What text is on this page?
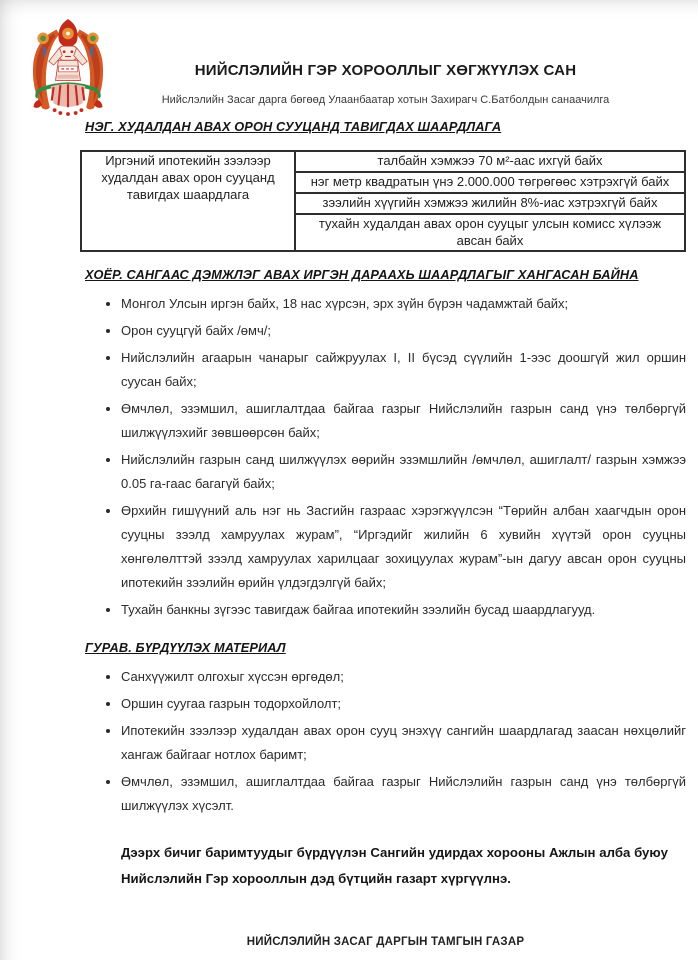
НИЙСЛЭЛИЙН ГЭР ХОРООЛЛЫГ ХӨГЖҮҮЛЭХ САН

Нийслэлийн Засаг дарга бөгөөд Улаанбаатар хотын Захирагч С.Батболдын санаачилга

НЭГ. ХУДАЛДАН АВАХ ОРОН СУУЦАНД ТАВИГДАХ ШААРДЛАГА
Иргэний ипотекийн зээлээр худалдан авах орон сууцанд тавигдах шаардлага	талбайн хэмжээ 70 м²-аас ихгүй байх
нэг метр квадратын үнэ 2.000.000 төгрөгөөс хэтрэхгүй байх
зээлийн хүүгийн хэмжээ жилийн 8%-иас хэтрэхгүй байх
тухайн худалдан авах орон сууцыг улсын комисс хүлээж авсан байх
ХОЁР. САНГААС ДЭМЖЛЭГ АВАХ ИРГЭН ДАРААХЬ ШААРДЛАГЫГ ХАНГАСАН БАЙНА
• Монгол Улсын иргэн байх, 18 нас хүрсэн, эрх зүйн бүрэн чадамжтай байх;
• Орон сууцгүй байх /өмч/;
• Нийслэлийн агаарын чанарыг сайжруулах I, II бүсэд сүүлийн 1-ээс доошгүй жил оршин суусан байх;
• Өмчлөл, эзэмшил, ашиглалтдаа байгаа газрыг Нийслэлийн газрын санд үнэ төлбөргүй шилжүүлэхийг зөвшөөрсөн байх;
• Нийслэлийн газрын санд шилжүүлэх өөрийн эзэмшлийн /өмчлөл, ашиглалт/ газрын хэмжээ 0.05 га-гаас багагүй байх;
• Өрхийн гишүүний аль нэг нь Засгийн газраас хэрэгжүүлсэн “Төрийн албан хаагчдын орон сууцны зээлд хамруулах журам”, “Иргэдийг жилийн 6 хувийн хүүтэй орон сууцны хөнгөлөлттэй зээлд хамруулах харилцааг зохицуулах журам”-ын дагуу авсан орон сууцны ипотекийн зээлийн өрийн үлдэгдэлгүй байх;
• Тухайн банкны зүгээс тавигдаж байгаа ипотекийн зээлийн бусад шаардлагууд.
ГУРАВ. БҮРДҮҮЛЭХ МАТЕРИАЛ
• Санхүүжилт олгохыг хүссэн өргөдөл;
• Оршин суугаа газрын тодорхойлолт;
• Ипотекийн зээлээр худалдан авах орон сууц энэхүү сангийн шаардлагад заасан нөхцөлийг хангаж байгааг нотлох баримт;
• Өмчлөл, эзэмшил, ашиглалтдаа байгаа газрыг Нийслэлийн газрын санд үнэ төлбөргүй шилжүүлэх хүсэлт.

Дээрх бичиг баримтуудыг бүрдүүлэн Сангийн удирдах хорооны Ажлын алба буюу Нийслэлийн Гэр хорооллын дэд бүтцийн газарт хүргүүлнэ.

НИЙСЛЭЛИЙН ЗАСАГ ДАРГЫН ТАМГЫН ГАЗАР
